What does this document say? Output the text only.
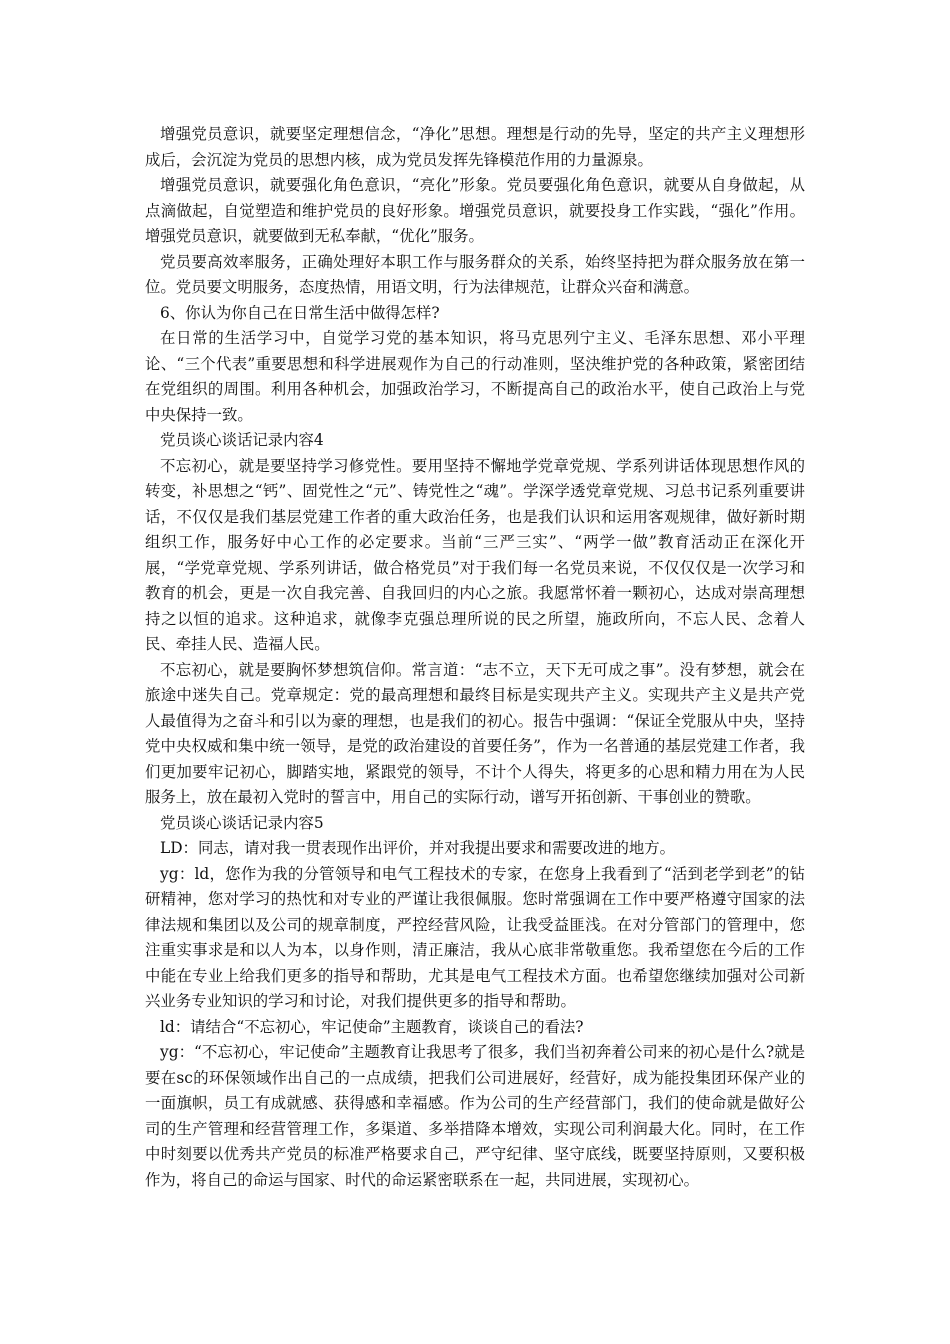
增强党员意识，就要坚定理想信念，“净化”思想。理想是行动的先导，坚定的共产主义理想形成后，会沉淀为党员的思想内核，成为党员发挥先锋模范作用的力量源泉。

增强党员意识，就要强化角色意识，“亮化”形象。党员要强化角色意识，就要从自身做起，从点滴做起，自觉塑造和维护党员的良好形象。增强党员意识，就要投身工作实践，“强化”作用。增强党员意识，就要做到无私奉献，“优化”服务。

党员要高效率服务，正确处理好本职工作与服务群众的关系，始终坚持把为群众服务放在第一位。党员要文明服务，态度热情，用语文明，行为法律规范，让群众兴奋和满意。

6、你认为你自己在日常生活中做得怎样?

在日常的生活学习中，自觉学习党的基本知识，将马克思列宁主义、毛泽东思想、邓小平理论、“三个代表”重要思想和科学进展观作为自己的行动准则，坚決维护党的各种政策，紧密团结在党组织的周围。利用各种机会，加强政治学习，不断提高自己的政治水平，使自己政治上与党中央保持一致。

党员谈心谈话记录内容4

不忘初心，就是要坚持学习修党性。要用坚持不懈地学党章党规、学系列讲话体现思想作风的转变，补思想之“钙”、固党性之“元”、铸党性之“魂”。学深学透党章党规、习总书记系列重要讲话，不仅仅是我们基层党建工作者的重大政治任务，也是我们认识和运用客观规律，做好新时期组织工作，服务好中心工作的必定要求。当前“三严三实”、“两学一做”教育活动正在深化开展，“学党章党规、学系列讲话，做合格党员”对于我们每一名党员来说，不仅仅仅是一次学习和教育的机会，更是一次自我完善、自我回归的内心之旅。我愿常怀着一颗初心，达成对崇高理想持之以恒的追求。这种追求，就像李克强总理所说的民之所望，施政所向，不忘人民、念着人民、牵挂人民、造福人民。

不忘初心，就是要胸怀梦想筑信仰。常言道：“志不立，天下无可成之事”。没有梦想，就会在旅途中迷失自己。党章规定：党的最高理想和最终目标是实现共产主义。实现共产主义是共产党人最值得为之奋斗和引以为豪的理想，也是我们的初心。报告中强调：“保证全党服从中央，坚持党中央权威和集中统一领导，是党的政治建设的首要任务”，作为一名普通的基层党建工作者，我们更加要牢记初心，脚踏实地，紧跟党的领导，不计个人得失，将更多的心思和精力用在为人民服务上，放在最初入党时的誓言中，用自己的实际行动，谱写开拓创新、干事创业的赞歌。

党员谈心谈话记录内容5

LD：同志，请对我一贯表现作出评价，并对我提出要求和需要改进的地方。

yg：ld，您作为我的分管领导和电气工程技术的专家，在您身上我看到了“活到老学到老”的钻研精神，您对学习的热忱和对专业的严谨让我很佩服。您时常强调在工作中要严格遵守国家的法律法规和集团以及公司的规章制度，严控经营风险，让我受益匪浅。在对分管部门的管理中，您注重实事求是和以人为本，以身作则，清正廉洁，我从心底非常敬重您。我希望您在今后的工作中能在专业上给我们更多的指导和帮助，尤其是电气工程技术方面。也希望您继续加强对公司新兴业务专业知识的学习和讨论，对我们提供更多的指导和帮助。

ld：请结合“不忘初心，牢记使命”主题教育，谈谈自己的看法?

yg：“不忘初心，牢记使命”主题教育让我思考了很多，我们当初奔着公司来的初心是什么?就是要在sc的环保领域作出自己的一点成绩，把我们公司进展好，经营好，成为能投集团环保产业的一面旗帜，员工有成就感、获得感和幸福感。作为公司的生产经营部门，我们的使命就是做好公司的生产管理和经营管理工作，多渠道、多举措降本增效，实现公司利润最大化。同时，在工作中时刻要以优秀共产党员的标准严格要求自己，严守纪律、坚守底线，既要坚持原则，又要积极作为，将自己的命运与国家、时代的命运紧密联系在一起，共同进展，实现初心。
